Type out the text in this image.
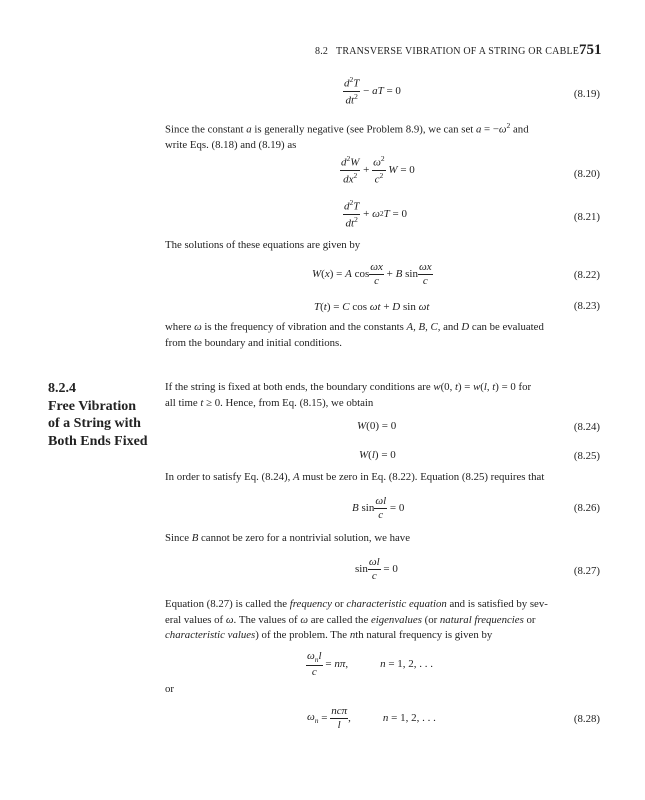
8.2 TRANSVERSE VIBRATION OF A STRING OR CABLE 751
$\frac{d^2T}{dt^2}$ − aT = 0	(8.19)

Since the constant a is generally negative (see Problem 8.9), we can set $a = -\omega^2$ and

write Eqs. (8.18) and (8.19) as

$\frac{d^2W}{dx^2} + \frac{\omega^2}{c^2}$
W = 0	(8.20)
$\frac{d^2T}{dt^2} + \omega$ 2 T = 0	(8.21)
The solutions of these equations are given by
W ( x ) = A $\cos \frac{\omega x}{c} + B$ $\sin \frac{\omega x}{c}$	(8.22)
T ( t ) = C cos ωt + D sin ωt	(8.23)

where ω is the frequency of vibration and the constants A, B, C, and D can be evaluated

from the boundary and initial conditions.

8.2.4
Free Vibration
of a String with
Both Ends Fixed

If the string is fixed at both ends, the boundary conditions are w(0, t) = w(l, t) = 0 for

all time t ≥ 0. Hence, from Eq. (8.15), we obtain

W (0) = 0	(8.24)
W ( l ) = 0	(8.25)

In order to satisfy Eq. (8.24), A must be zero in Eq. (8.22). Equation (8.25) requires that

B $\sin \frac{\omega l}{c} = 0$	(8.26)

Since B cannot be zero for a nontrivial solution, we have

$\sin \frac{\omega l}{c} = 0$	(8.27)

Equation (8.27) is called the frequency or characteristic equation and is satisfied by sev-

eral values of ω. The values of ω are called the eigenvalues (or natural frequencies or

characteristic values) of the problem. The nth natural frequency is given by

$\frac{\omega_nl}{c} = n\pi$ ,	n = 1, 2, . . .
or
$\omega_n = \frac{\text{ncπ}}{l}$ ,	n = 1, 2, . . .	(8.28)
